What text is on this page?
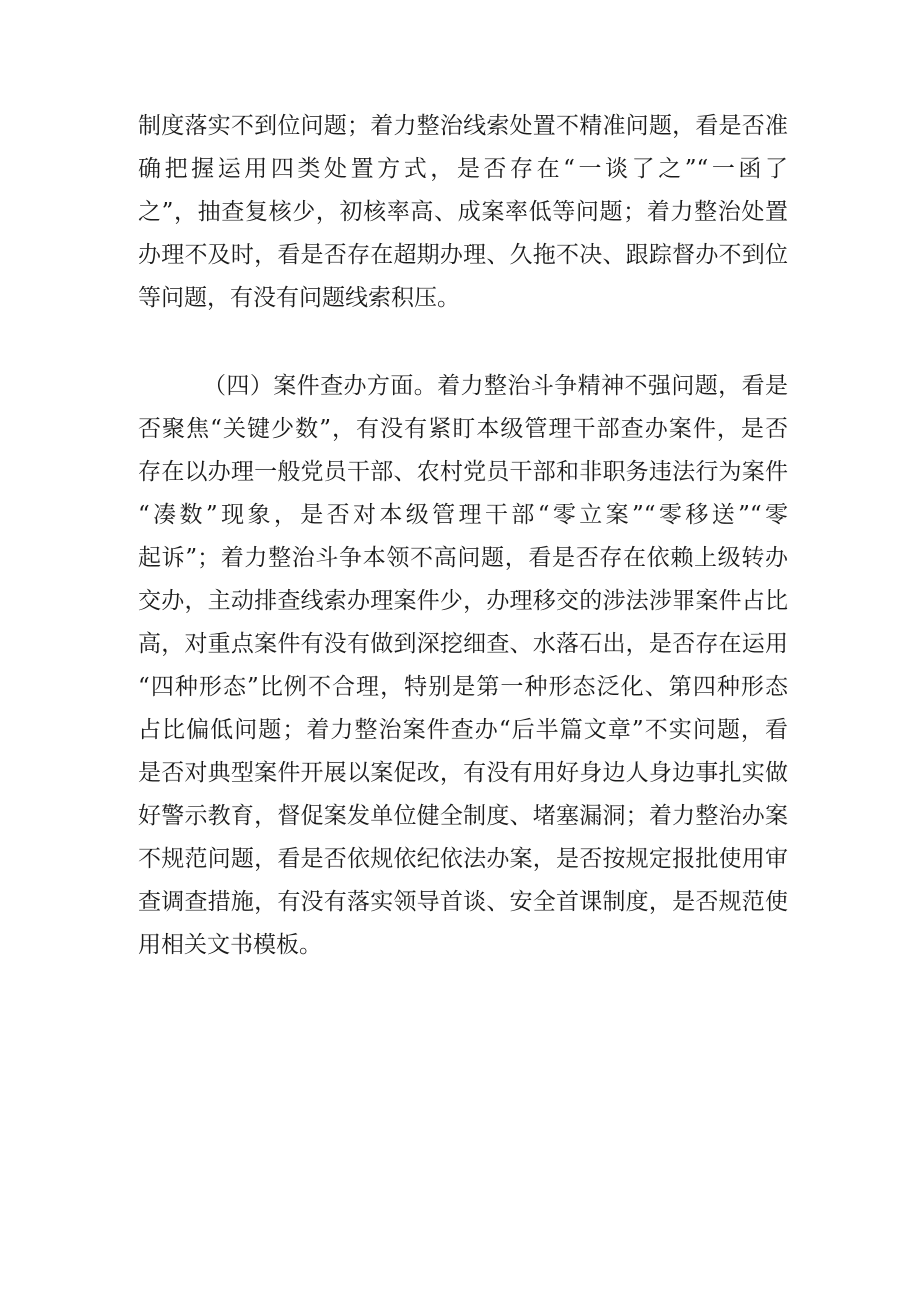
制度落实不到位问题；着力整治线索处置不精准问题，看是否准
确把握运用四类处置方式，是否存在“一谈了之”“一函了
之”，抽查复核少，初核率高、成案率低等问题；着力整治处置
办理不及时，看是否存在超期办理、久拖不决、跟踪督办不到位
等问题，有没有问题线索积压。
（四）案件查办方面。着力整治斗争精神不强问题，看是
否聚焦“关键少数”，有没有紧盯本级管理干部查办案件，是否
存在以办理一般党员干部、农村党员干部和非职务违法行为案件
“凑数”现象，是否对本级管理干部“零立案”“零移送”“零
起诉”；着力整治斗争本领不高问题，看是否存在依赖上级转办
交办，主动排查线索办理案件少，办理移交的涉法涉罪案件占比
高，对重点案件有没有做到深挖细查、水落石出，是否存在运用
“四种形态”比例不合理，特别是第一种形态泛化、第四种形态
占比偏低问题；着力整治案件查办“后半篇文章”不实问题，看
是否对典型案件开展以案促改，有没有用好身边人身边事扎实做
好警示教育，督促案发单位健全制度、堵塞漏洞；着力整治办案
不规范问题，看是否依规依纪依法办案，是否按规定报批使用审
查调查措施，有没有落实领导首谈、安全首课制度，是否规范使
用相关文书模板。
